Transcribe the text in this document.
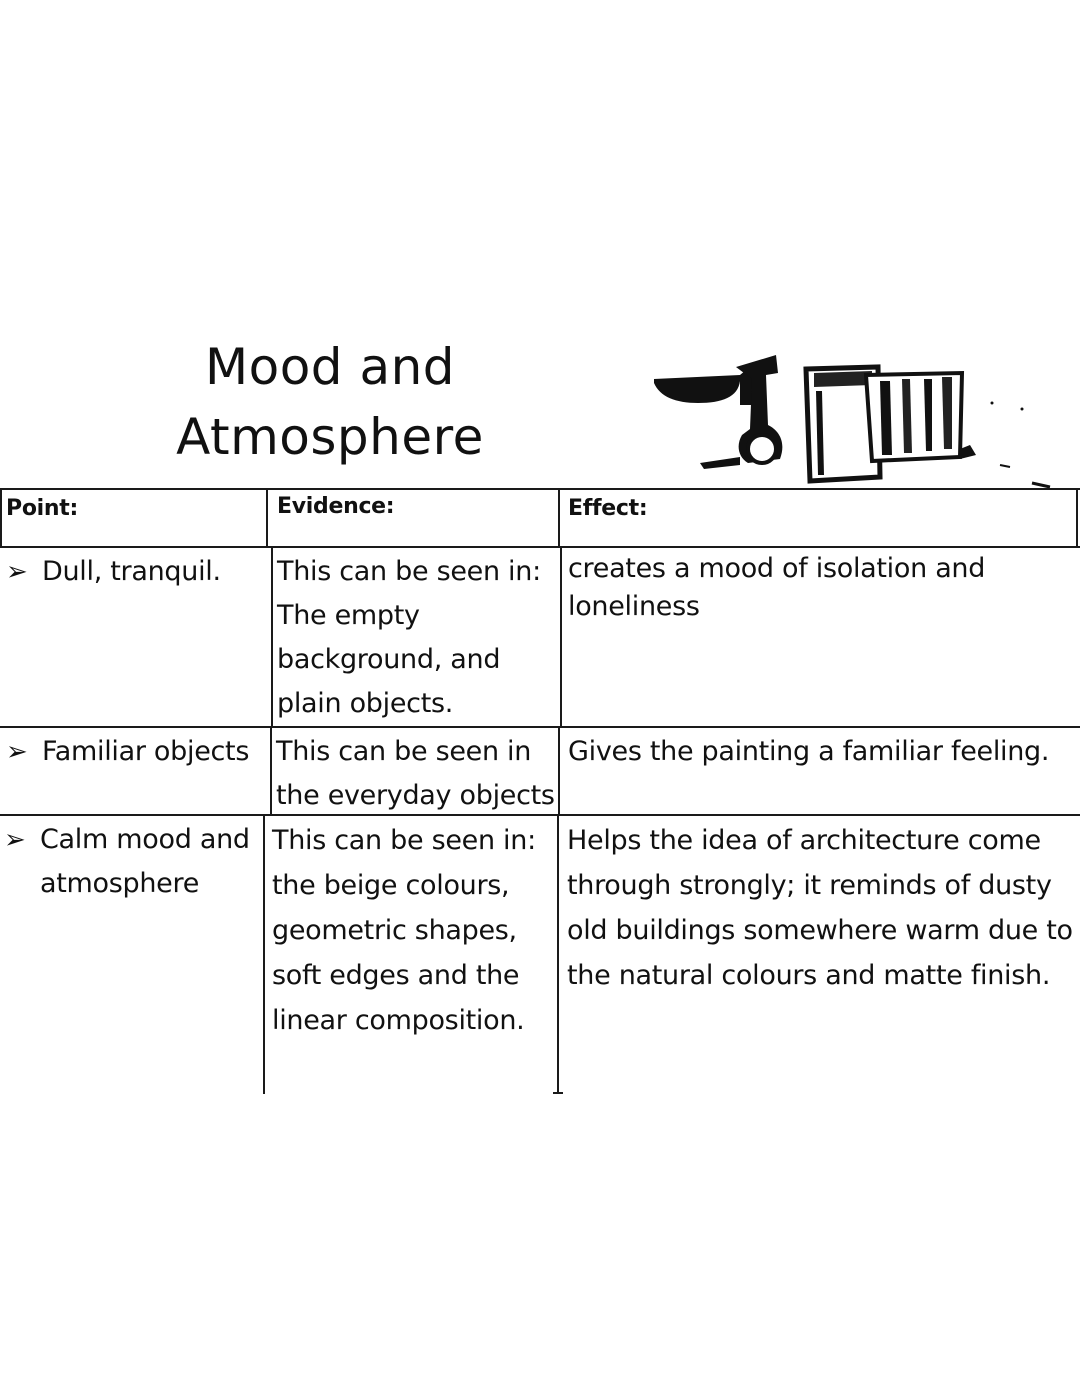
Mood and
Atmosphere
Point:	Evidence:	Effect:
➢ Dull, tranquil. This can be seen in:
The empty
background, and
plain objects.
creates a mood of isolation and
loneliness
➢ Familiar objects This can be seen in
the everyday objects
Gives the painting a familiar feeling.
➢ Calm mood and
atmosphere
This can be seen in:
the beige colours,
geometric shapes,
soft edges and the
linear composition.
Helps the idea of architecture come
through strongly; it reminds of dusty
old buildings somewhere warm due to
the natural colours and matte finish.
